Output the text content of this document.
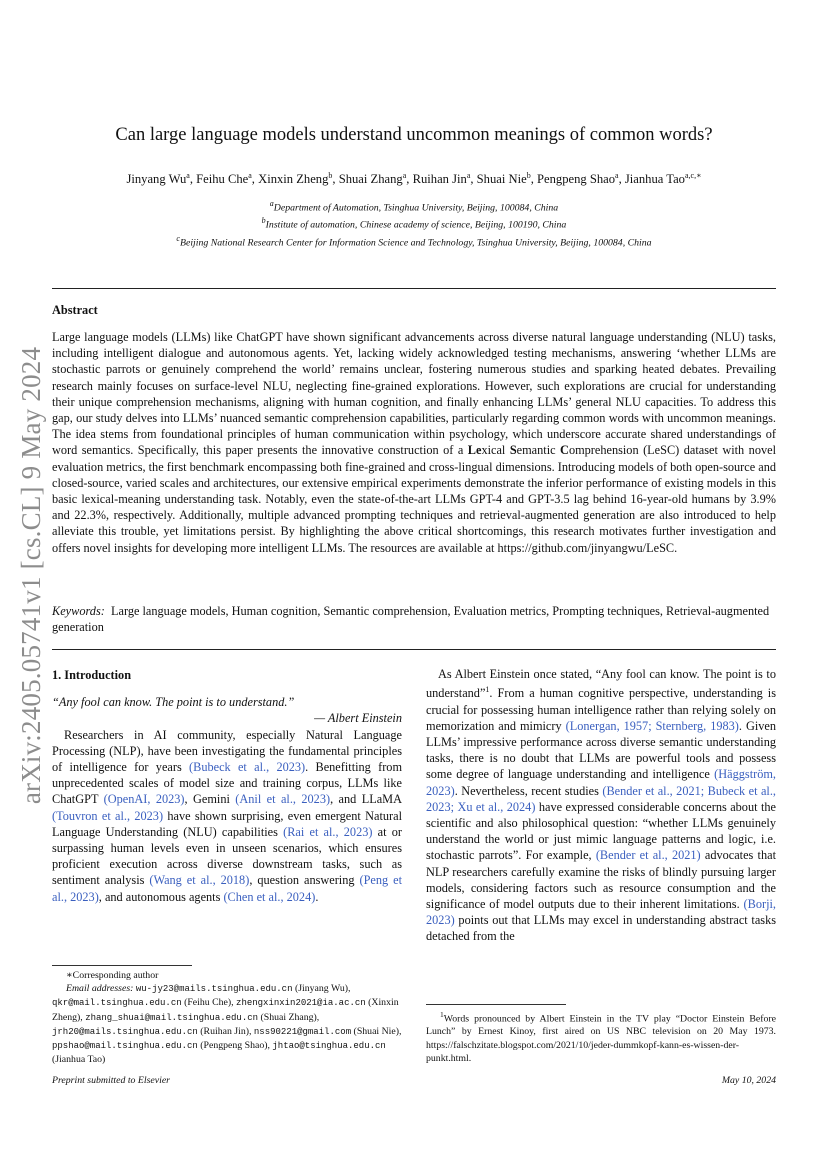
arXiv:2405.05741v1 [cs.CL] 9 May 2024
Can large language models understand uncommon meanings of common words?
Jinyang Wu$^a$, Feihu Che$^a$, Xinxin Zheng$^b$, Shuai Zhang$^a$, Ruihan Jin$^a$, Shuai Nie$^b$, Pengpeng Shao$^a$, Jianhua Tao$^{a,c,∗}$
$^a$Department of Automation, Tsinghua University, Beijing, 100084, China
$^b$Institute of automation, Chinese academy of science, Beijing, 100190, China
$^c$Beijing National Research Center for Information Science and Technology, Tsinghua University, Beijing, 100084, China
Abstract
Large language models (LLMs) like ChatGPT have shown significant advancements across diverse natural language understanding (NLU) tasks, including intelligent dialogue and autonomous agents. Yet, lacking widely acknowledged testing mechanisms, answering ‘whether LLMs are stochastic parrots or genuinely comprehend the world’ remains unclear, fostering numerous studies and sparking heated debates. Prevailing research mainly focuses on surface-level NLU, neglecting fine-grained explorations. However, such explorations are crucial for understanding their unique comprehension mechanisms, aligning with human cognition, and finally enhancing LLMs’ general NLU capacities. To address this gap, our study delves into LLMs’ nuanced semantic comprehension capabilities, particularly regarding common words with uncommon meanings. The idea stems from foundational principles of human communication within psychology, which underscore accurate shared understandings of word semantics. Specifically, this paper presents the innovative construction of a Lexical Semantic Comprehension (LeSC) dataset with novel evaluation metrics, the first benchmark encompassing both fine-grained and cross-lingual dimensions. Introducing models of both open-source and closed-source, varied scales and architectures, our extensive empirical experiments demonstrate the inferior performance of existing models in this basic lexical-meaning understanding task. Notably, even the state-of-the-art LLMs GPT-4 and GPT-3.5 lag behind 16-year-old humans by 3.9% and 22.3%, respectively. Additionally, multiple advanced prompting techniques and retrieval-augmented generation are also introduced to help alleviate this trouble, yet limitations persist. By highlighting the above critical shortcomings, this research motivates further investigation and offers novel insights for developing more intelligent LLMs. The resources are available at https://github.com/jinyangwu/LeSC.
Keywords: Large language models, Human cognition, Semantic comprehension, Evaluation metrics, Prompting techniques, Retrieval-augmented generation
1. Introduction

“Any fool can know. The point is to understand.”

— Albert Einstein
Researchers in AI community, especially Natural Language Processing (NLP), have been investigating the fundamental principles of intelligence for years (Bubeck et al., 2023). Benefitting from unprecedented scales of model size and training corpus, LLMs like ChatGPT (OpenAI, 2023), Gemini (Anil et al., 2023), and LLaMA (Touvron et al., 2023) have shown surprising, even emergent Natural Language Understanding (NLU) capabilities (Rai et al., 2023) at or surpassing human levels even in unseen scenarios, which ensures proficient execution across diverse downstream tasks, such as sentiment analysis (Wang et al., 2018), question answering (Peng et al., 2023), and autonomous agents (Chen et al., 2024).
As Albert Einstein once stated, “Any fool can know. The point is to understand”$^1$. From a human cognitive perspective, understanding is crucial for possessing human intelligence rather than relying solely on memorization and mimicry (Lonergan, 1957; Sternberg, 1983). Given LLMs’ impressive performance across diverse semantic understanding tasks, there is no doubt that LLMs are powerful tools and possess some degree of language understanding and intelligence (Häggström, 2023). Nevertheless, recent studies (Bender et al., 2021; Bubeck et al., 2023; Xu et al., 2024) have expressed considerable concerns about the scientific and also philosophical question: “whether LLMs genuinely understand the world or just mimic language patterns and logic, i.e. stochastic parrots”. For example, (Bender et al., 2021) advocates that NLP researchers carefully examine the risks of blindly pursuing larger models, considering factors such as resource consumption and the significance of model outputs due to their inherent limitations. (Borji, 2023) points out that LLMs may excel in understanding abstract tasks detached from the
∗Corresponding author
Email addresses: wu-jy23@mails.tsinghua.edu.cn (Jinyang Wu), qkr@mail.tsinghua.edu.cn (Feihu Che), zhengxinxin2021@ia.ac.cn (Xinxin Zheng), zhang_shuai@mail.tsinghua.edu.cn (Shuai Zhang), jrh20@mails.tsinghua.edu.cn (Ruihan Jin), nss90221@gmail.com (Shuai Nie), ppshao@mail.tsinghua.edu.cn (Pengpeng Shao), jhtao@tsinghua.edu.cn (Jianhua Tao)
$^1$Words pronounced by Albert Einstein in the TV play “Doctor Einstein Before Lunch” by Ernest Kinoy, first aired on US NBC television on 20 May 1973. https://falschzitate.blogspot.com/2021/10/jeder-dummkopf-kann-es-wissen-der-punkt.html.
Preprint submitted to Elsevier	May 10, 2024
